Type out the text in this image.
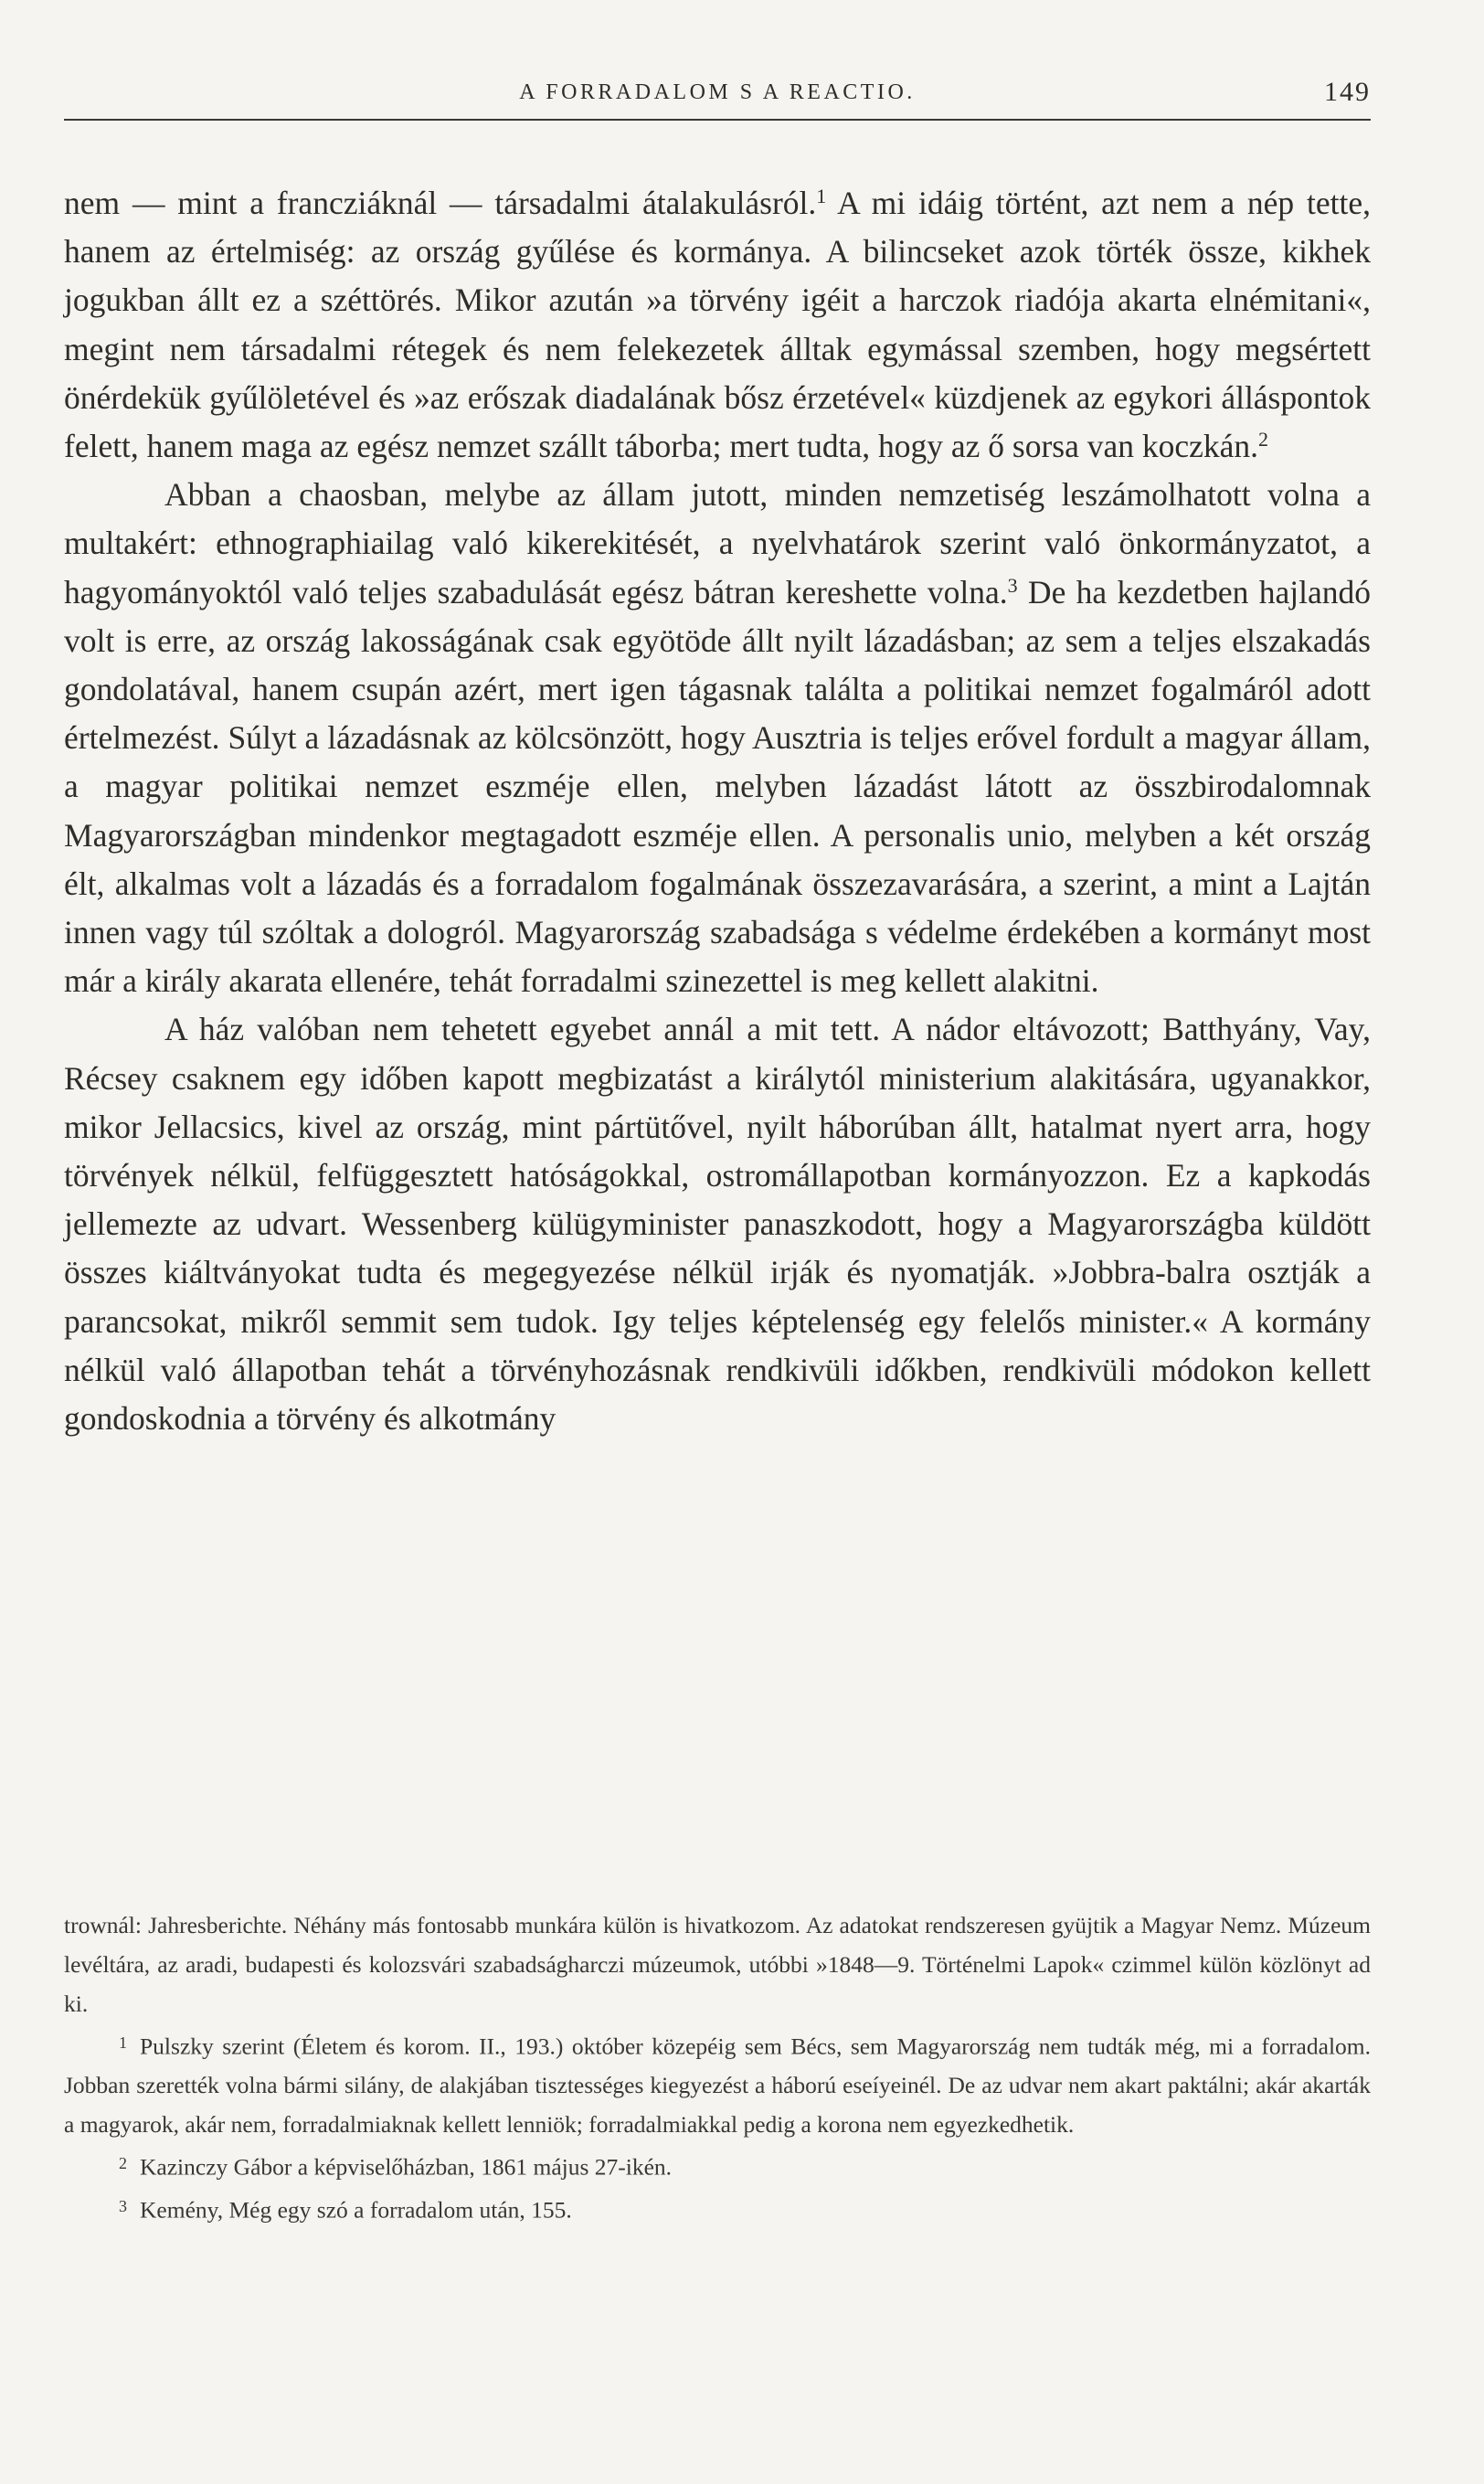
A FORRADALOM S A REACTIO.	149

nem — mint a francziáknál — társadalmi átalakulásról.$^1$ A mi idáig történt, azt nem a nép tette, hanem az értelmiség: az ország gyűlése és kormánya. A bilincseket azok törték össze, kikhek jogukban állt ez a széttörés. Mikor azután »a törvény igéit a harczok riadója akarta elnémitani«, megint nem társadalmi rétegek és nem felekezetek álltak egymással szemben, hogy megsértett önérdekük gyűlöletével és »az erőszak diadalának bősz érzetével« küzdjenek az egykori álláspontok felett, hanem maga az egész nemzet szállt táborba; mert tudta, hogy az ő sorsa van koczkán.$^2$

Abban a chaosban, melybe az állam jutott, minden nemzetiség leszámolhatott volna a multakért: ethnographiailag való kikerekitését, a nyelvhatárok szerint való önkormányzatot, a hagyományoktól való teljes szabadulását egész bátran kereshette volna.$^3$ De ha kezdetben hajlandó volt is erre, az ország lakosságának csak egyötöde állt nyilt lázadásban; az sem a teljes elszakadás gondolatával, hanem csupán azért, mert igen tágasnak találta a politikai nemzet fogalmáról adott értelmezést. Súlyt a lázadásnak az kölcsönzött, hogy Ausztria is teljes erővel fordult a magyar állam, a magyar politikai nemzet eszméje ellen, melyben lázadást látott az összbirodalomnak Magyarországban mindenkor megtagadott eszméje ellen. A personalis unio, melyben a két ország élt, alkalmas volt a lázadás és a forradalom fogalmának összezavarására, a szerint, a mint a Lajtán innen vagy túl szóltak a dologról. Magyarország szabadsága s védelme érdekében a kormányt most már a király akarata ellenére, tehát forradalmi szinezettel is meg kellett alakitni.

A ház valóban nem tehetett egyebet annál a mit tett. A nádor eltávozott; Batthyány, Vay, Récsey csaknem egy időben kapott megbizatást a királytól ministerium alakitására, ugyanakkor, mikor Jellacsics, kivel az ország, mint pártütővel, nyilt háborúban állt, hatalmat nyert arra, hogy törvények nélkül, felfüggesztett hatóságokkal, ostromállapotban kormányozzon. Ez a kapkodás jellemezte az udvart. Wessenberg külügyminister panaszkodott, hogy a Magyarországba küldött összes kiáltványokat tudta és megegyezése nélkül irják és nyomatják. »Jobbra-balra osztják a parancsokat, mikről semmit sem tudok. Igy teljes képtelenség egy felelős minister.« A kormány nélkül való állapotban tehát a törvényhozásnak rendkivüli időkben, rendkivüli módokon kellett gondoskodnia a törvény és alkotmány

trownál: Jahresberichte. Néhány más fontosabb munkára külön is hivatkozom. Az adatokat rendszeresen gyüjtik a Magyar Nemz. Múzeum levéltára, az aradi, budapesti és kolozsvári szabadságharczi múzeumok, utóbbi »1848—9. Történelmi Lapok« czimmel külön közlönyt ad ki.

$^1$ Pulszky szerint (Életem és korom. II., 193.) október közepéig sem Bécs, sem Magyarország nem tudták még, mi a forradalom. Jobban szerették volna bármi silány, de alakjában tisztességes kiegyezést a háború eseíyeinél. De az udvar nem akart paktálni; akár akarták a magyarok, akár nem, forradalmiaknak kellett lenniök; forradalmiakkal pedig a korona nem egyezkedhetik.

$^2$ Kazinczy Gábor a képviselőházban, 1861 május 27-ikén.

$^3$ Kemény, Még egy szó a forradalom után, 155.
